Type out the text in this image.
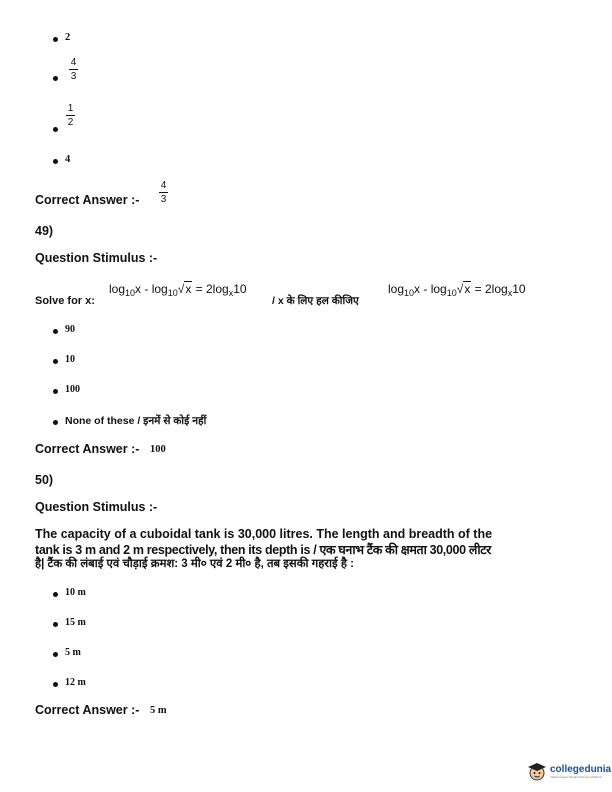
2
4
3
1
2
4
Correct Answer :-
4
3
49)
Question Stimulus :-
Solve for x:
$\log_{10}x - \log_{10}√x = 2\log_x10$
/ x के लिए हल कीजिए
$\log_{10}x - \log_{10}√x = 2\log_x10$
90
10
100
None of these / इनमें से कोई नहीं
Correct Answer :- 100
50)
Question Stimulus :-
The capacity of a cuboidal tank is 30,000 litres. The length and breadth of the
tank is 3 m and 2 m respectively, then its depth is / एक घनाभ टैंक की क्षमता 30,000 लीटर
है| टैंक की लंबाई एवं चौड़ाई क्रमश: 3 मी० एवं 2 मी० है, तब इसकी गहराई है :
10 m
15 m
5 m
12 m
Correct Answer :- 5 m
collegedunia
India's largest Student Review Platform
